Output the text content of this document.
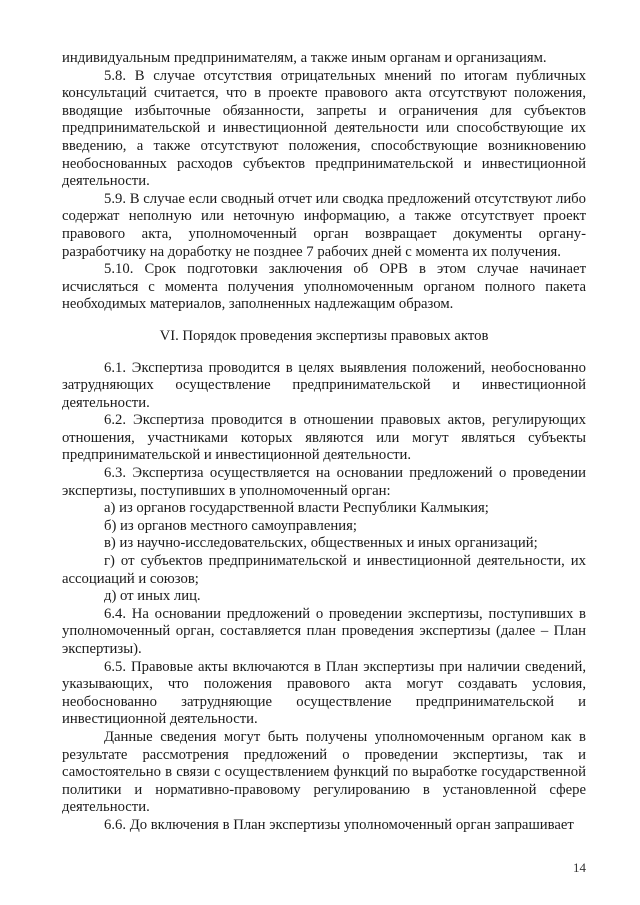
индивидуальным предпринимателям, а также иным органам и организациям.

5.8. В случае отсутствия отрицательных мнений по итогам публичных консультаций считается, что в проекте правового акта отсутствуют положения, вводящие избыточные обязанности, запреты и ограничения для субъектов предпринимательской и инвестиционной деятельности или способствующие их введению, а также отсутствуют положения, способствующие возникновению необоснованных расходов субъектов предпринимательской и инвестиционной деятельности.

5.9. В случае если сводный отчет или сводка предложений отсутствуют либо содержат неполную или неточную информацию, а также отсутствует проект правового акта, уполномоченный орган возвращает документы органу-разработчику на доработку не позднее 7 рабочих дней с момента их получения.

5.10. Срок подготовки заключения об ОРВ в этом случае начинает исчисляться с момента получения уполномоченным органом полного пакета необходимых материалов, заполненных надлежащим образом.

VI. Порядок проведения экспертизы правовых актов

6.1. Экспертиза проводится в целях выявления положений, необоснованно затрудняющих осуществление предпринимательской и инвестиционной деятельности.

6.2. Экспертиза проводится в отношении правовых актов, регулирующих отношения, участниками которых являются или могут являться субъекты предпринимательской и инвестиционной деятельности.

6.3. Экспертиза осуществляется на основании предложений о проведении экспертизы, поступивших в уполномоченный орган:

а) из органов государственной власти Республики Калмыкия;

б) из органов местного самоуправления;

в) из научно-исследовательских, общественных и иных организаций;

г) от субъектов предпринимательской и инвестиционной деятельности, их ассоциаций и союзов;

д) от иных лиц.

6.4. На основании предложений о проведении экспертизы, поступивших в уполномоченный орган, составляется план проведения экспертизы (далее – План экспертизы).

6.5. Правовые акты включаются в План экспертизы при наличии сведений, указывающих, что положения правового акта могут создавать условия, необоснованно затрудняющие осуществление предпринимательской и инвестиционной деятельности.

Данные сведения могут быть получены уполномоченным органом как в результате рассмотрения предложений о проведении экспертизы, так и самостоятельно в связи с осуществлением функций по выработке государственной политики и нормативно-правовому регулированию в установленной сфере деятельности.

6.6. До включения в План экспертизы уполномоченный орган запрашивает

14
